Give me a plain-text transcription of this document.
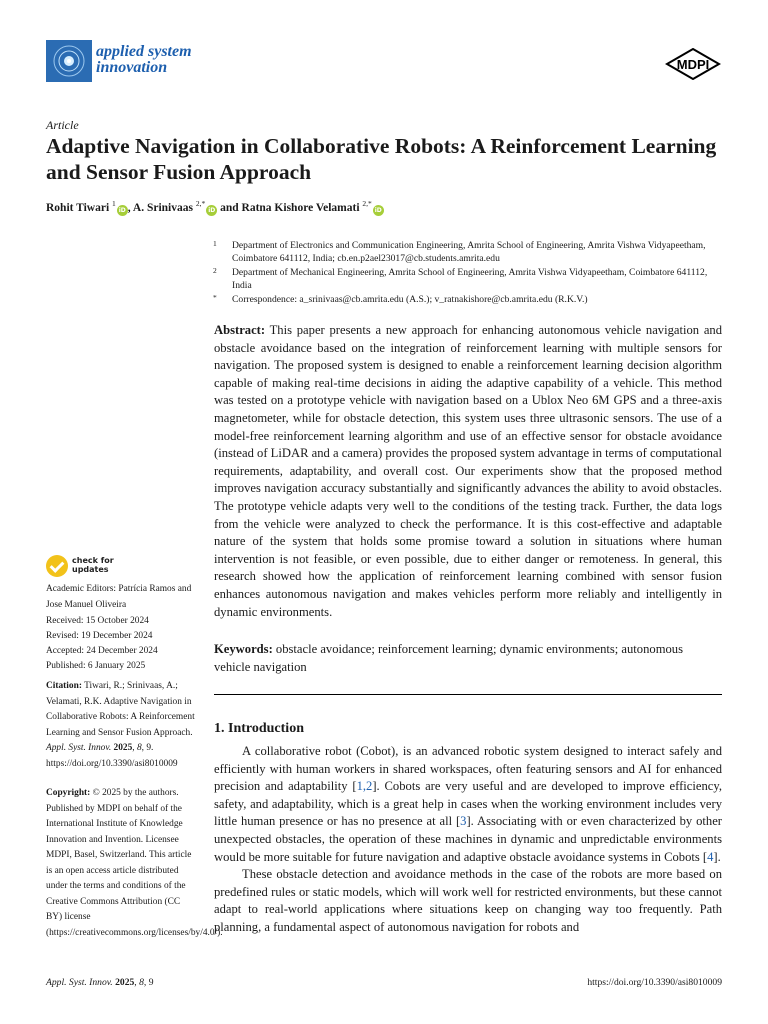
applied system
innovation	MDPI
Article
Adaptive Navigation in Collaborative Robots: A Reinforcement Learning and Sensor Fusion Approach
Rohit Tiwari $^1$iD , A. Srinivaas $^{2,*}$iD and Ratna Kishore Velamati $^{2,*}$iD
1 Department of Electronics and Communication Engineering, Amrita School of Engineering, Amrita Vishwa Vidyapeetham, Coimbatore 641112, India; cb.en.p2ael23017@cb.students.amrita.edu
2 Department of Mechanical Engineering, Amrita School of Engineering, Amrita Vishwa Vidyapeetham, Coimbatore 641112, India
* Correspondence: a_srinivaas@cb.amrita.edu (A.S.); v_ratnakishore@cb.amrita.edu (R.K.V.)
Abstract: This paper presents a new approach for enhancing autonomous vehicle navigation and obstacle avoidance based on the integration of reinforcement learning with multiple sensors for navigation. The proposed system is designed to enable a reinforcement learning decision algorithm capable of making real-time decisions in aiding the adaptive capability of a vehicle. This method was tested on a prototype vehicle with navigation based on a Ublox Neo 6M GPS and a three-axis magnetometer, while for obstacle detection, this system uses three ultrasonic sensors. The use of a model-free reinforcement learning algorithm and use of an effective sensor for obstacle avoidance (instead of LiDAR and a camera) provides the proposed system advantage in terms of computational requirements, adaptability, and overall cost. Our experiments show that the proposed method improves navigation accuracy substantially and significantly advances the ability to avoid obstacles. The prototype vehicle adapts very well to the conditions of the testing track. Further, the data logs from the vehicle were analyzed to check the performance. It is this cost-effective and adaptable nature of the system that holds some promise toward a solution in situations where human intervention is not feasible, or even possible, due to either danger or remoteness. In general, this research showed how the application of reinforcement learning combined with sensor fusion enhances autonomous navigation and makes vehicles perform more reliably and intelligently in dynamic environments.
Keywords: obstacle avoidance; reinforcement learning; dynamic environments; autonomous vehicle navigation
1. Introduction

A collaborative robot (Cobot), is an advanced robotic system designed to interact safely and efficiently with human workers in shared workspaces, often featuring sensors and AI for enhanced precision and adaptability [1,2]. Cobots are very useful and are developed to improve efficiency, safety, and adaptability, which is a great help in cases when the working environment includes very little human presence or has no presence at all [3]. Associating with or even characterized by other unexpected obstacles, the operation of these machines in dynamic and unpredictable environments would be more suitable for future navigation and adaptive obstacle avoidance systems in Cobots [4].

These obstacle detection and avoidance methods in the case of the robots are more based on predefined rules or static models, which will work well for restricted environments, but these cannot adapt to real-world applications where situations keep on changing way too frequently. Path planning, a fundamental aspect of autonomous navigation for robots and

check for
updates
Academic Editors: Patrícia Ramos and Jose Manuel Oliveira
Received: 15 October 2024
Revised: 19 December 2024
Accepted: 24 December 2024
Published: 6 January 2025
Citation: Tiwari, R.; Srinivaas, A.; Velamati, R.K. Adaptive Navigation in Collaborative Robots: A Reinforcement Learning and Sensor Fusion Approach. Appl. Syst. Innov. 2025, 8, 9. https://doi.org/10.3390/asi8010009
Copyright: © 2025 by the authors. Published by MDPI on behalf of the International Institute of Knowledge Innovation and Invention. Licensee MDPI, Basel, Switzerland. This article is an open access article distributed under the terms and conditions of the Creative Commons Attribution (CC BY) license (https://creativecommons.org/licenses/by/4.0/).
Appl. Syst. Innov. 2025, 8, 9	https://doi.org/10.3390/asi8010009
